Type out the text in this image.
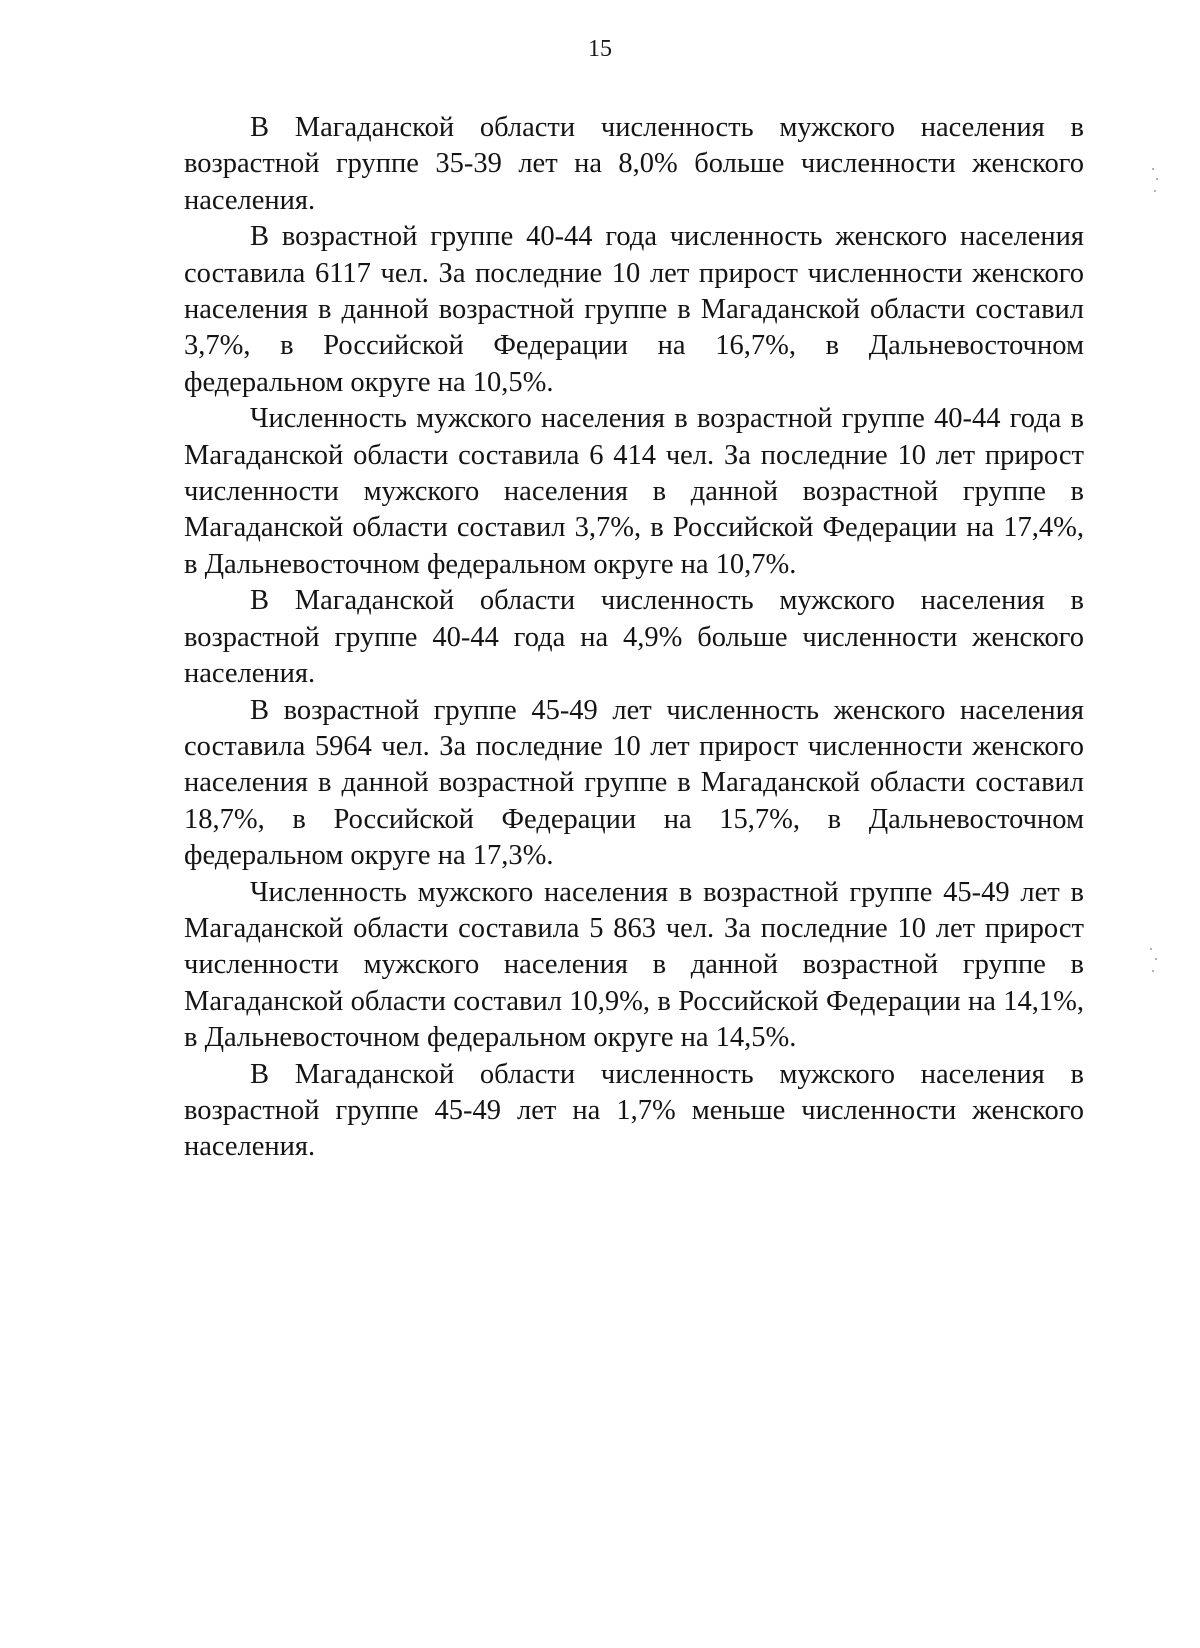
15

В Магаданской области численность мужского населения в возрастной группе 35-39 лет на 8,0% больше численности женского населения.

В возрастной группе 40-44 года численность женского населения составила 6117 чел. За последние 10 лет прирост численности женского населения в данной возрастной группе в Магаданской области составил 3,7%, в Российской Федерации на 16,7%, в Дальневосточном федеральном округе на 10,5%.

Численность мужского населения в возрастной группе 40-44 года в Магаданской области составила 6 414 чел. За последние 10 лет прирост численности мужского населения в данной возрастной группе в Магаданской области составил 3,7%, в Российской Федерации на 17,4%, в Дальневосточном федеральном округе на 10,7%.

В Магаданской области численность мужского населения в возрастной группе 40-44 года на 4,9% больше численности женского населения.

В возрастной группе 45-49 лет численность женского населения составила 5964 чел. За последние 10 лет прирост численности женского населения в данной возрастной группе в Магаданской области составил 18,7%, в Российской Федерации на 15,7%, в Дальневосточном федеральном округе на 17,3%.

Численность мужского населения в возрастной группе 45-49 лет в Магаданской области составила 5 863 чел. За последние 10 лет прирост численности мужского населения в данной возрастной группе в Магаданской области составил 10,9%, в Российской Федерации на 14,1%, в Дальневосточном федеральном округе на 14,5%.

В Магаданской области численность мужского населения в возрастной группе 45-49 лет на 1,7% меньше численности женского населения.
